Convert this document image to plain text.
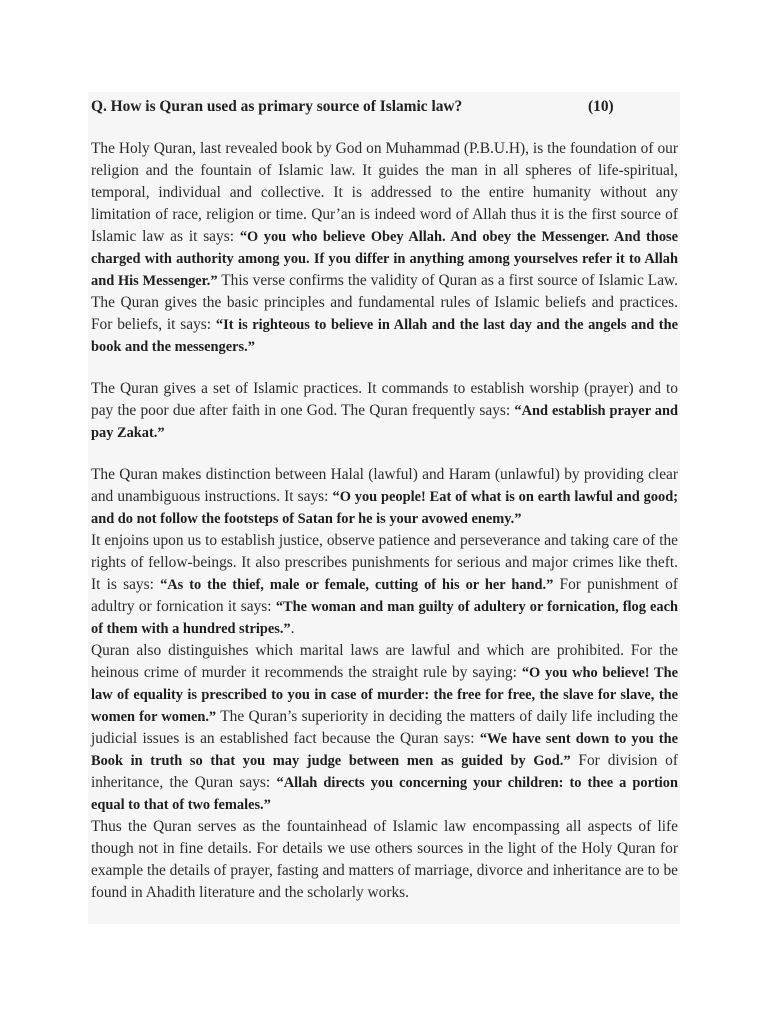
Q. How is Quran used as primary source of Islamic law?	(10)

The Holy Quran, last revealed book by God on Muhammad (P.B.U.H), is the foundation of our religion and the fountain of Islamic law. It guides the man in all spheres of life-spiritual, temporal, individual and collective. It is addressed to the entire humanity without any limitation of race, religion or time. Qur’an is indeed word of Allah thus it is the first source of Islamic law as it says: “O you who believe Obey Allah. And obey the Messenger. And those charged with authority among you. If you differ in anything among yourselves refer it to Allah and His Messenger.” This verse confirms the validity of Quran as a first source of Islamic Law. The Quran gives the basic principles and fundamental rules of Islamic beliefs and practices. For beliefs, it says: “It is righteous to believe in Allah and the last day and the angels and the book and the messengers.”

The Quran gives a set of Islamic practices. It commands to establish worship (prayer) and to pay the poor due after faith in one God. The Quran frequently says: “And establish prayer and pay Zakat.”

The Quran makes distinction between Halal (lawful) and Haram (unlawful) by providing clear and unambiguous instructions. It says: “O you people! Eat of what is on earth lawful and good; and do not follow the footsteps of Satan for he is your avowed enemy.”

It enjoins upon us to establish justice, observe patience and perseverance and taking care of the rights of fellow-beings. It also prescribes punishments for serious and major crimes like theft. It is says: “As to the thief, male or female, cutting of his or her hand.” For punishment of adultry or fornication it says: “The woman and man guilty of adultery or fornication, flog each of them with a hundred stripes.”.

Quran also distinguishes which marital laws are lawful and which are prohibited. For the heinous crime of murder it recommends the straight rule by saying: “O you who believe! The law of equality is prescribed to you in case of murder: the free for free, the slave for slave, the women for women.” The Quran’s superiority in deciding the matters of daily life including the judicial issues is an established fact because the Quran says: “We have sent down to you the Book in truth so that you may judge between men as guided by God.” For division of inheritance, the Quran says: “Allah directs you concerning your children: to thee a portion equal to that of two females.”

Thus the Quran serves as the fountainhead of Islamic law encompassing all aspects of life though not in fine details. For details we use others sources in the light of the Holy Quran for example the details of prayer, fasting and matters of marriage, divorce and inheritance are to be found in Ahadith literature and the scholarly works.
